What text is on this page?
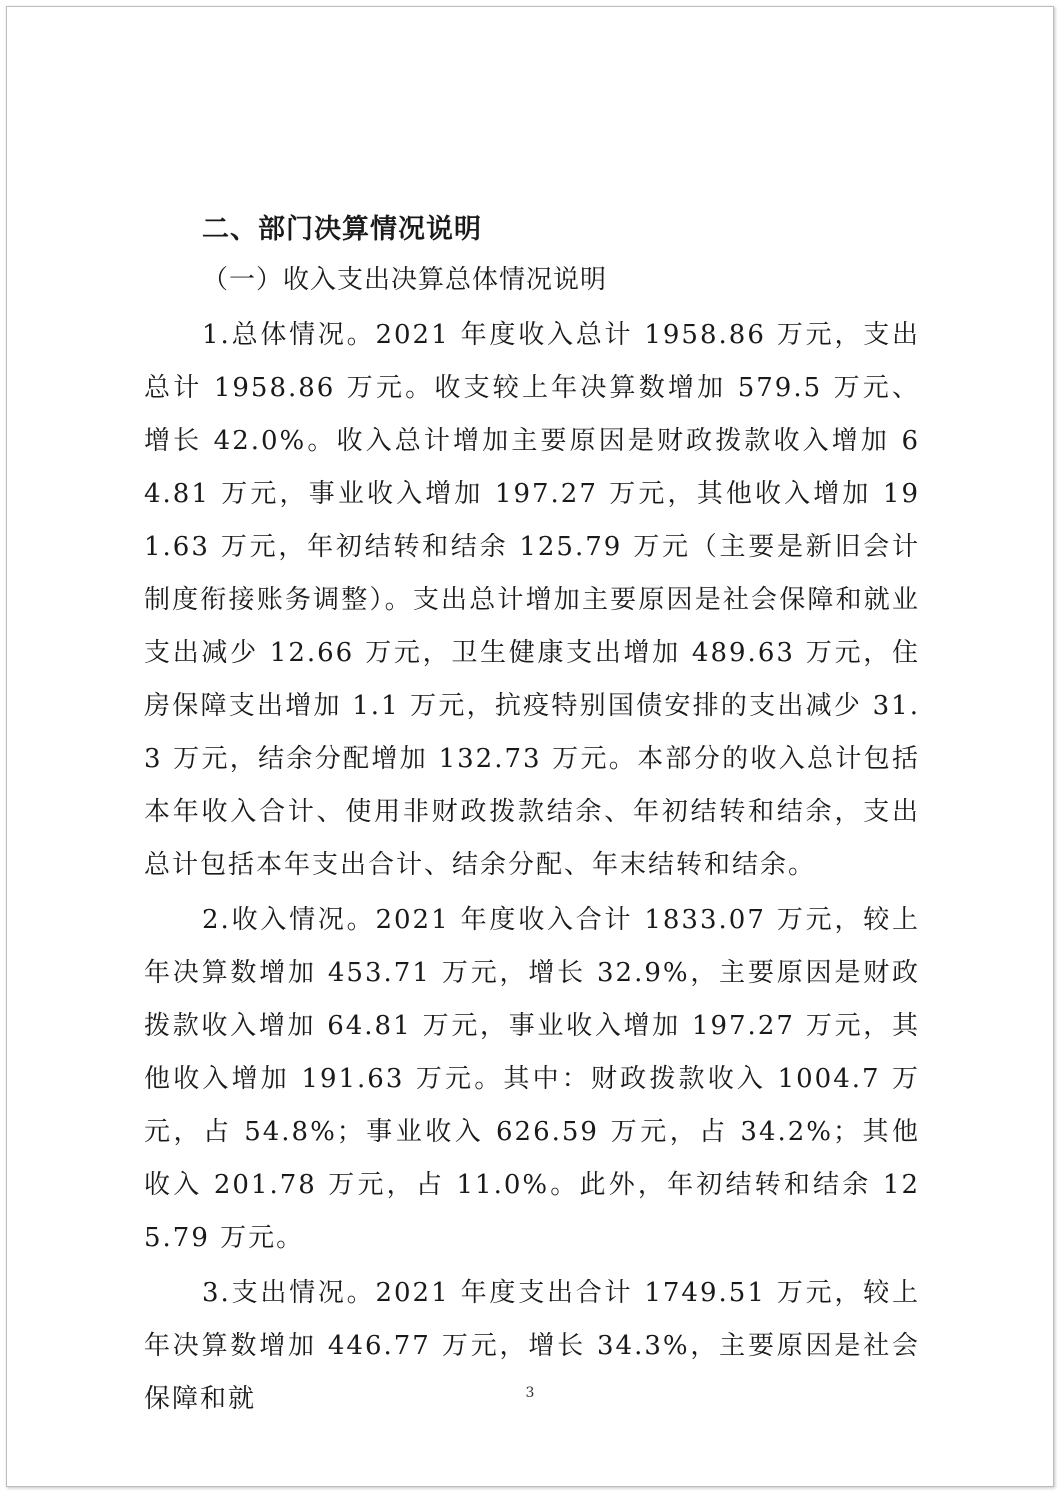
二、部门决算情况说明
（一）收入支出决算总体情况说明

1.总体情况。2021 年度收入总计 1958.86 万元，支出总计 1958.86 万元。收支较上年决算数增加 579.5 万元、增长 42.0%。收入总计增加主要原因是财政拨款收入增加 64.81 万元，事业收入增加 197.27 万元，其他收入增加 191.63 万元，年初结转和结余 125.79 万元（主要是新旧会计制度衔接账务调整）。支出总计增加主要原因是社会保障和就业支出减少 12.66 万元，卫生健康支出增加 489.63 万元，住房保障支出增加 1.1 万元，抗疫特别国债安排的支出减少 31.3 万元，结余分配增加 132.73 万元。本部分的收入总计包括本年收入合计、使用非财政拨款结余、年初结转和结余，支出总计包括本年支出合计、结余分配、年末结转和结余。

2.收入情况。2021 年度收入合计 1833.07 万元，较上年决算数增加 453.71 万元，增长 32.9%，主要原因是财政拨款收入增加 64.81 万元，事业收入增加 197.27 万元，其他收入增加 191.63 万元。其中：财政拨款收入 1004.7 万元，占 54.8%；事业收入 626.59 万元，占 34.2%；其他收入 201.78 万元，占 11.0%。此外，年初结转和结余 125.79 万元。

3.支出情况。2021 年度支出合计 1749.51 万元，较上年决算数增加 446.77 万元，增长 34.3%，主要原因是社会保障和就	3
